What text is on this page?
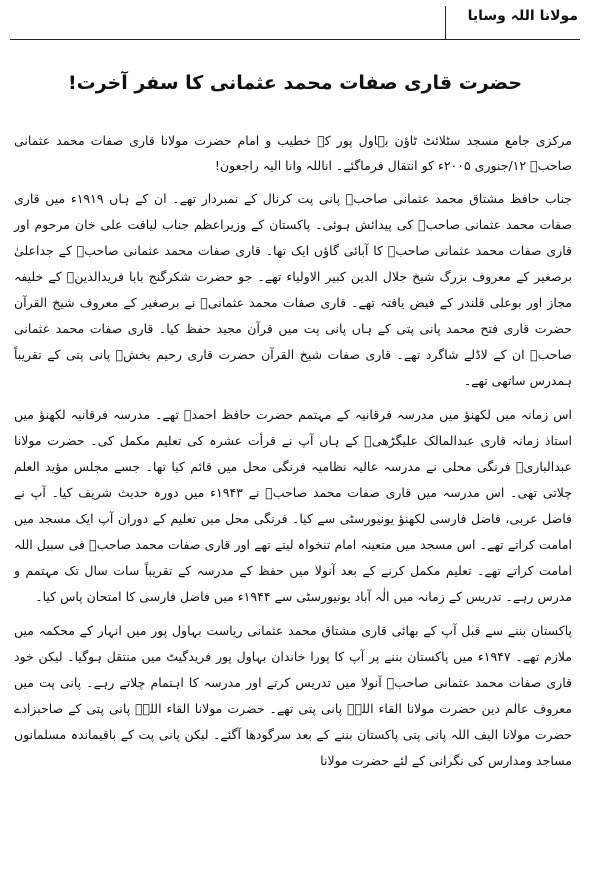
مولانا اللہ وسایا
حضرت قاری صفات محمد عثمانی کا سفر آخرت!

مرکزی جامع مسجد سٹلائٹ ٹاؤن بہاول پور کے خطیب و امام حضرت مولانا قاری صفات محمد عثمانی صاحبؒ ۱۲/جنوری ۲۰۰۵ء کو انتقال فرماگئے۔ اناللہ وانا الیہ راجعون!

جناب حافظ مشتاق محمد عثمانی صاحبؒ پانی پت کرنال کے نمبردار تھے۔ ان کے ہاں ۱۹۱۹ء میں قاری صفات محمد عثمانی صاحبؒ کی پیدائش ہوئی۔ پاکستان کے وزیراعظم جناب لیاقت علی خان مرحوم اور قاری صفات محمد عثمانی صاحبؒ کا آبائی گاؤں ایک تھا۔ قاری صفات محمد عثمانی صاحبؒ کے جداعلیٰ برصغیر کے معروف بزرگ شیخ جلال الدین کبیر الاولیاء تھے۔ جو حضرت شکرگنج بابا فریدالدینؒ کے خلیفہ مجاز اور بوعلی قلندر کے فیض یافتہ تھے۔ قاری صفات محمد عثمانیؒ نے برصغیر کے معروف شیخ القرآن حضرت قاری فتح محمد پانی پتی کے ہاں پانی پت میں قرآن مجید حفظ کیا۔ قاری صفات محمد عثمانی صاحبؒ ان کے لاڈلے شاگرد تھے۔ قاری صفات شیخ القرآن حضرت قاری رحیم بخشؒ پانی پتی کے تقریباً ہمدرس ساتھی تھے۔

اس زمانہ میں لکھنؤ میں مدرسہ فرقانیہ کے مہتمم حضرت حافظ احمدؒ تھے۔ مدرسہ فرقانیہ لکھنؤ میں استاذ زمانہ قاری عبدالمالک علیگڑھیؒ کے ہاں آپ نے قرأت عشرہ کی تعلیم مکمل کی۔ حضرت مولانا عبدالباریؒ فرنگی محلی نے مدرسہ عالیہ نظامیہ فرنگی محل میں قائم کیا تھا۔ جسے مجلس مؤید العلم چلاتی تھی۔ اس مدرسہ میں قاری صفات محمد صاحبؒ نے ۱۹۴۳ء میں دورہ حدیث شریف کیا۔ آپ نے فاضل عربی، فاضل فارسی لکھنؤ یونیورسٹی سے کیا۔ فرنگی محل میں تعلیم کے دوران آپ ایک مسجد میں امامت کراتے تھے۔ اس مسجد میں متعینہ امام تنخواہ لیتے تھے اور قاری صفات محمد صاحبؒ فی سبیل اللہ امامت کراتے تھے۔ تعلیم مکمل کرنے کے بعد آنولا میں حفظ کے مدرسہ کے تقریباً سات سال تک مہتمم و مدرس رہے۔ تدریس کے زمانہ میں الٰہ آباد یونیورسٹی سے ۱۹۴۴ء میں فاضل فارسی کا امتحان پاس کیا۔

پاکستان بننے سے قبل آپ کے بھائی قاری مشتاق محمد عثمانی ریاست بہاول پور میں انہار کے محکمہ میں ملازم تھے۔ ۱۹۴۷ء میں پاکستان بننے پر آپ کا پورا خاندان بہاول پور فریدگیٹ میں منتقل ہوگیا۔ لیکن خود قاری صفات محمد عثمانی صاحبؒ آنولا میں تدریس کرتے اور مدرسہ کا اہتمام چلاتے رہے۔ پانی پت میں معروف عالم دین حضرت مولانا القاء اللہؒ پانی پتی تھے۔ حضرت مولانا القاء اللہؒ پانی پتی کے صاحبزادے حضرت مولانا الیف اللہ پانی پتی پاکستان بننے کے بعد سرگودھا آگئے۔ لیکن پانی پت کے باقیماندہ مسلمانوں مساجد ومدارس کی نگرانی کے لئے حضرت مولانا
